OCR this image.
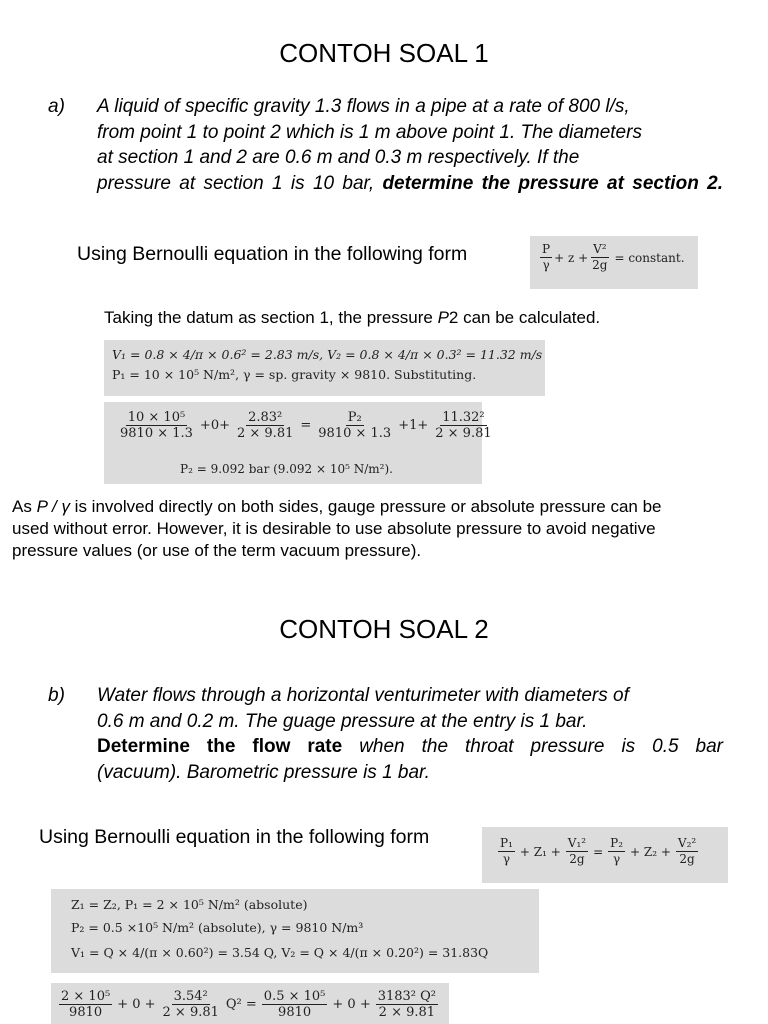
CONTOH SOAL 1
a) A liquid of specific gravity 1.3 flows in a pipe at a rate of 800 l/s,
from point 1 to point 2 which is 1 m above point 1. The diameters
at section 1 and 2 are 0.6 m and 0.3 m respectively. If the
pressure at section 1 is 10 bar, determine the pressure at section 2.
Using Bernoulli equation in the following form	$\frac{P}{\gamma} + z + \frac{\text{V²}}{2g}$ = constant.
Taking the datum as section 1, the pressure P2 can be calculated.
V₁ = 0.8 × 4/π × 0.6² = 2.83 m/s, V₂ = 0.8 × 4/π × 0.3² = 11.32 m/s
P₁ = 10 × 10⁵ N/m², γ = sp. gravity × 9810. Substituting.
$\frac{\text{10 × 10⁵}}{9810 \times 1.3} +0+ \frac{\text{2.83²}}{2 \times 9.81} = \frac{\text{P₂}}{9810 \times 1.3} +1+ \frac{\text{11.32²}}{2 \times 9.81}$
P₂ = 9.092 bar (9.092 × 10⁵ N/m²).
As P / γ is involved directly on both sides, gauge pressure or absolute pressure can be
used without error. However, it is desirable to use absolute pressure to avoid negative
pressure values (or use of the term vacuum pressure).
CONTOH SOAL 2
b) Water flows through a horizontal venturimeter with diameters of
0.6 m and 0.2 m. The guage pressure at the entry is 1 bar.
Determine the flow rate when the throat pressure is 0.5 bar
(vacuum). Barometric pressure is 1 bar.
Using Bernoulli equation in the following form	$\frac{\text{P₁}}{\gamma} + Z_1 + \frac{\text{V₁²}}{2g} = \frac{\text{P₂}}{\gamma} + Z_2 + \frac{\text{V₂²}}{2g}$
Z₁ = Z₂, P₁ = 2 × 10⁵ N/m² (absolute)
P₂ = 0.5 ×10⁵ N/m² (absolute), γ = 9810 N/m³
V₁ = Q × 4/(π × 0.60²) = 3.54 Q, V₂ = Q × 4/(π × 0.20²) = 31.83Q
$\frac{\text{2 × 10⁵}}{9810} + 0 + \frac{\text{3.54²}}{2 \times 9.81} Q^2 = \frac{\text{0.5 × 10⁵}}{9810} + 0 + \frac{\text{3183² Q²}}{2 \times 9.81}$
